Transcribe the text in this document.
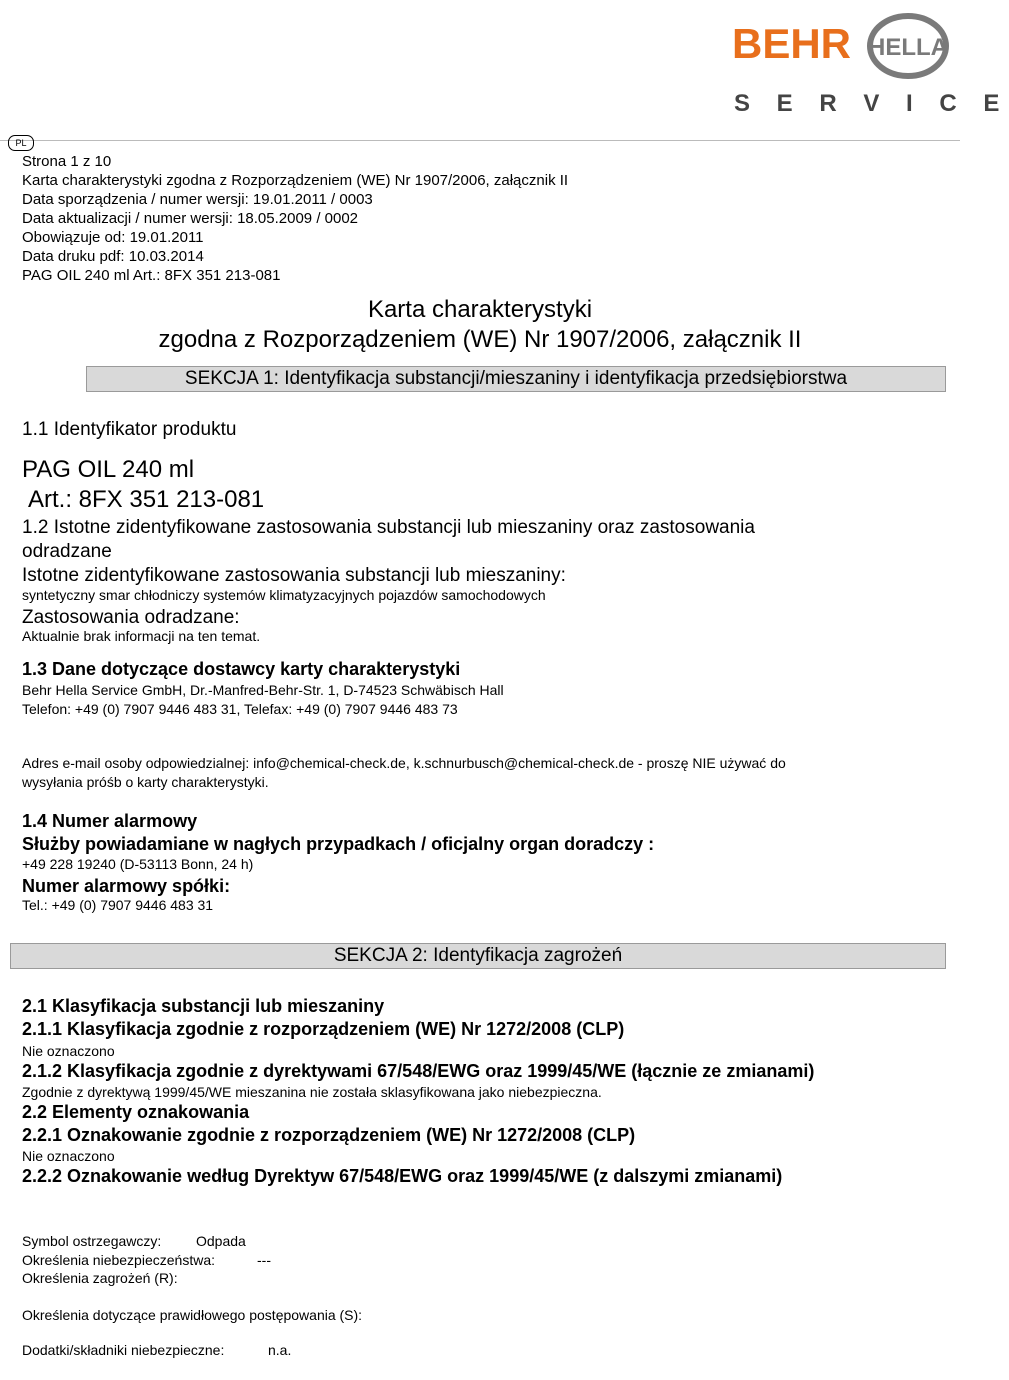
BEHR HELLA
S E R V I C E
PL
Strona 1 z 10
Karta charakterystyki zgodna z Rozporządzeniem (WE) Nr 1907/2006, załącznik II
Data sporządzenia / numer wersji: 19.01.2011 / 0003
Data aktualizacji / numer wersji: 18.05.2009 / 0002
Obowiązuje od: 19.01.2011
Data druku pdf: 10.03.2014
PAG OIL 240 ml Art.: 8FX 351 213-081
Karta charakterystyki
zgodna z Rozporządzeniem (WE) Nr 1907/2006, załącznik II
SEKCJA 1: Identyfikacja substancji/mieszaniny i identyfikacja przedsiębiorstwa
1.1 Identyfikator produktu
PAG OIL 240 ml
Art.: 8FX 351 213-081
1.2 Istotne zidentyfikowane zastosowania substancji lub mieszaniny oraz zastosowania
odradzane
Istotne zidentyfikowane zastosowania substancji lub mieszaniny:
syntetyczny smar chłodniczy systemów klimatyzacyjnych pojazdów samochodowych
Zastosowania odradzane:
Aktualnie brak informacji na ten temat.
1.3 Dane dotyczące dostawcy karty charakterystyki
Behr Hella Service GmbH, Dr.-Manfred-Behr-Str. 1, D-74523 Schwäbisch Hall
Telefon: +49 (0) 7907 9446 483 31, Telefax: +49 (0) 7907 9446 483 73
Adres e-mail osoby odpowiedzialnej: info@chemical-check.de, k.schnurbusch@chemical-check.de - proszę NIE używać do
wysyłania próśb o karty charakterystyki.
1.4 Numer alarmowy
Służby powiadamiane w nagłych przypadkach / oficjalny organ doradczy :
+49 228 19240 (D-53113 Bonn, 24 h)
Numer alarmowy spółki:
Tel.: +49 (0) 7907 9446 483 31
SEKCJA 2: Identyfikacja zagrożeń
2.1 Klasyfikacja substancji lub mieszaniny
2.1.1 Klasyfikacja zgodnie z rozporządzeniem (WE) Nr 1272/2008 (CLP)
Nie oznaczono
2.1.2 Klasyfikacja zgodnie z dyrektywami 67/548/EWG oraz 1999/45/WE (łącznie ze zmianami)
Zgodnie z dyrektywą 1999/45/WE mieszanina nie została sklasyfikowana jako niebezpieczna.
2.2 Elementy oznakowania
2.2.1 Oznakowanie zgodnie z rozporządzeniem (WE) Nr 1272/2008 (CLP)
Nie oznaczono
2.2.2 Oznakowanie według Dyrektyw 67/548/EWG oraz 1999/45/WE (z dalszymi zmianami)
Symbol ostrzegawczy: Odpada
Określenia niebezpieczeństwa:	---
Określenia zagrożeń (R):
Określenia dotyczące prawidłowego postępowania (S):
Dodatki/składniki niebezpieczne:	n.a.
